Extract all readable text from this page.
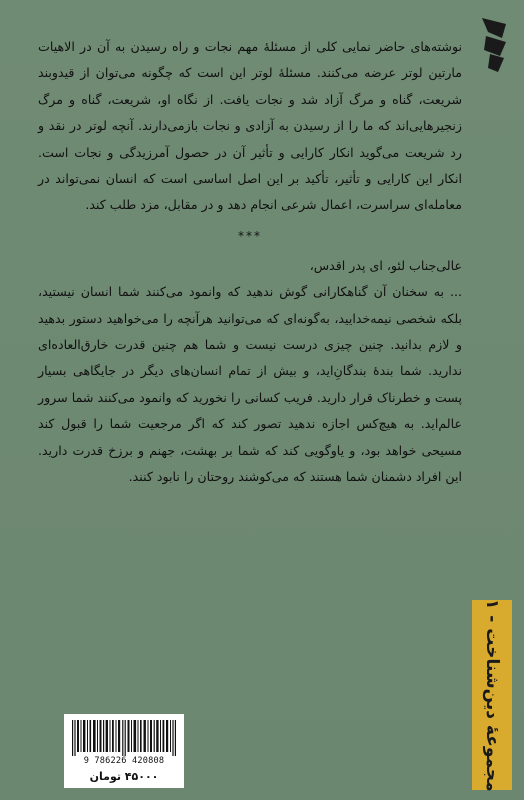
نوشته‌های حاضر نمایی کلی از مسئلهٔ مهم نجات و راه رسیدن به آن در الاهیات مارتین لوتر عرضه می‌کنند. مسئلهٔ لوتر این است که چگونه می‌توان از قیدوبند شریعت، گناه و مرگ آزاد شد و نجات یافت. از نگاه او، شریعت، گناه و مرگ زنجیرهایی‌اند که ما را از رسیدن به آزادی و نجات بازمی‌دارند. آنچه لوتر در نقد و رد شریعت می‌گوید انکار کارایی و تأثیر آن در حصول آمرزیدگی و نجات است. انکار این کارایی و تأثیر، تأکید بر این اصل اساسی است که انسان نمی‌تواند در معامله‌ای سراسرت، اعمال شرعی انجام دهد و در مقابل، مزد طلب کند.

***

عالی‌جناب لئو، ای پدر اقدس،

... به سخنان آن گناهکارانی گوش ندهید که وانمود می‌کنند شما انسان نیستید، بلکه شخصی نیمه‌خدایید، به‌گونه‌ای که می‌توانید هرآنچه را می‌خواهید دستور بدهید و لازم بدانید. چنین چیزی درست نیست و شما هم چنین قدرت خارق‌العاده‌ای ندارید. شما بندهٔ بندگانِ‌اید، و بیش از تمام انسان‌های دیگر در جایگاهی بسیار پست و خطرناک قرار دارید. فریب کسانی را نخورید که وانمود می‌کنند شما سرور عالم‌اید. به هیچ‌کس اجازه ندهید تصور کند که اگر مرجعیت شما را قبول کند مسیحی خواهد بود، و یاوگویی کند که شما بر بهشت، جهنم و برزخ قدرت دارید. این افراد دشمنان شما هستند که می‌کوشند روحتان را نابود کنند.

مجموعهٔ دین‌شناخت - ۱
9 786226 420808
۴۵۰۰۰ تومان
